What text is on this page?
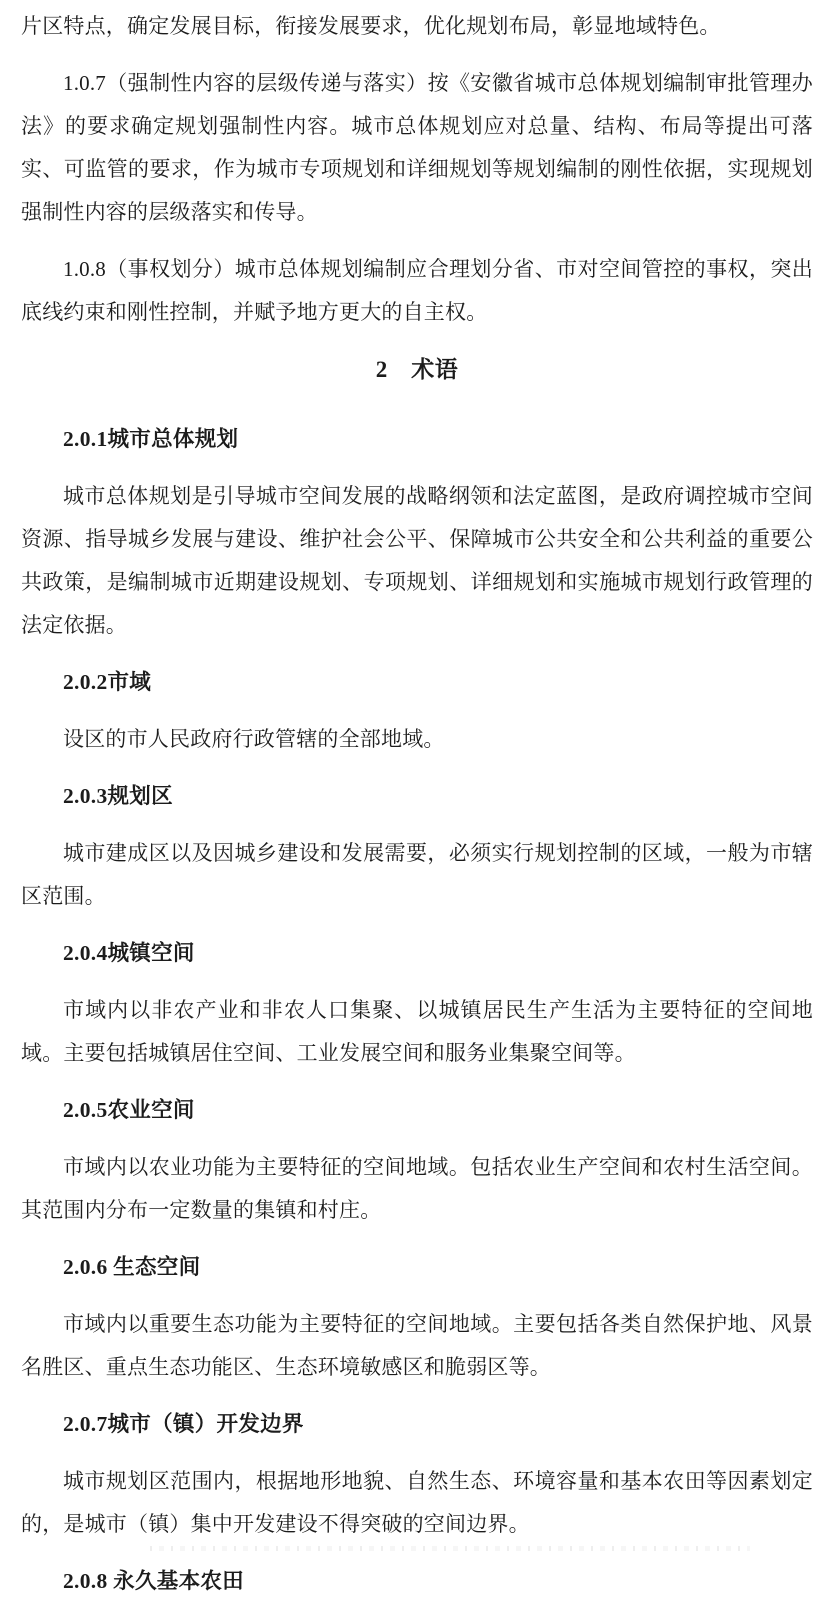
片区特点，确定发展目标，衔接发展要求，优化规划布局，彰显地域特色。

1.0.7（强制性内容的层级传递与落实）按《安徽省城市总体规划编制审批管理办法》的要求确定规划强制性内容。城市总体规划应对总量、结构、布局等提出可落实、可监管的要求，作为城市专项规划和详细规划等规划编制的刚性依据，实现规划强制性内容的层级落实和传导。

1.0.8（事权划分）城市总体规划编制应合理划分省、市对空间管控的事权，突出底线约束和刚性控制，并赋予地方更大的自主权。

2　术语
2.0.1城市总体规划

城市总体规划是引导城市空间发展的战略纲领和法定蓝图，是政府调控城市空间资源、指导城乡发展与建设、维护社会公平、保障城市公共安全和公共利益的重要公共政策，是编制城市近期建设规划、专项规划、详细规划和实施城市规划行政管理的法定依据。

2.0.2市域

设区的市人民政府行政管辖的全部地域。

2.0.3规划区

城市建成区以及因城乡建设和发展需要，必须实行规划控制的区域，一般为市辖区范围。

2.0.4城镇空间

市域内以非农产业和非农人口集聚、以城镇居民生产生活为主要特征的空间地域。主要包括城镇居住空间、工业发展空间和服务业集聚空间等。

2.0.5农业空间

市域内以农业功能为主要特征的空间地域。包括农业生产空间和农村生活空间。其范围内分布一定数量的集镇和村庄。

2.0.6 生态空间

市域内以重要生态功能为主要特征的空间地域。主要包括各类自然保护地、风景名胜区、重点生态功能区、生态环境敏感区和脆弱区等。

2.0.7城市（镇）开发边界

城市规划区范围内，根据地形地貌、自然生态、环境容量和基本农田等因素划定的，是城市（镇）集中开发建设不得突破的空间边界。

2.0.8 永久基本农田
